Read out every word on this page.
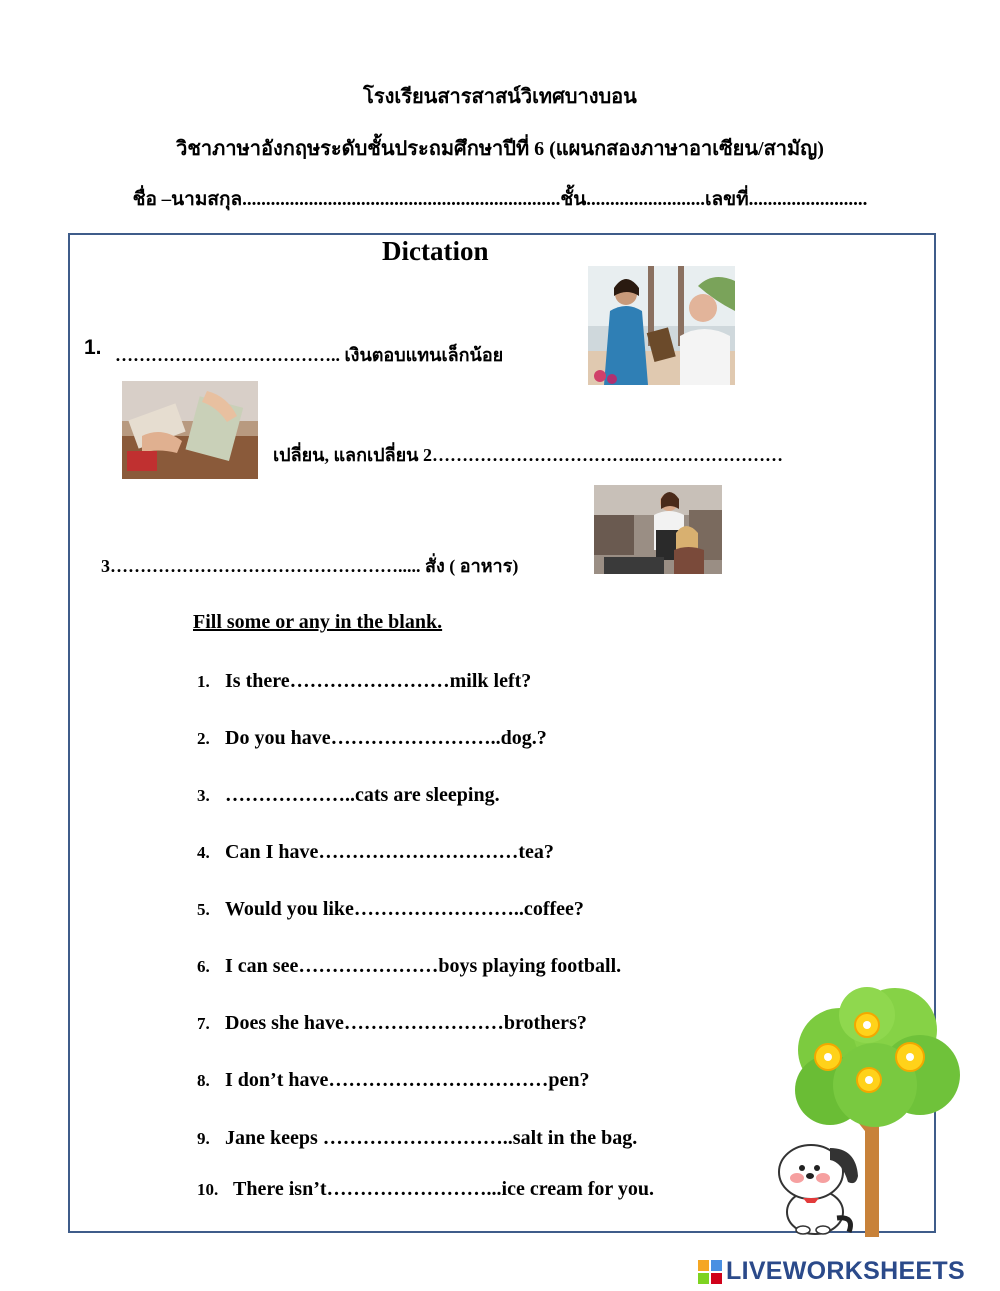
โรงเรียนสารสาสน์วิเทศบางบอน
วิชาภาษาอังกฤษระดับชั้นประถมศึกษาปีที่ 6 (แผนกสองภาษาอาเซียน/สามัญ)
ชื่อ –นามสกุล...................................................................ชั้น.........................เลขที่.........................
Dictation
1. ……………………………….. เงินตอบแทนเล็กน้อย
เปลี่ยน, แลกเปลี่ยน 2……………………………..……………………
3…………………………………………..... สั่ง ( อาหาร)
Fill some or any in the blank.
1. Is there……………………milk left?
2. Do you have……………………..dog.?
3. ………………..cats are sleeping.
4. Can I have…………………………tea?
5. Would you like……………………..coffee?
6. I can see…………………boys playing football.
7. Does she have……………………brothers?
8. I don’t have……………………………pen?
9. Jane keeps ………………………..salt in the bag.
10. There isn’t……………………...ice cream for you.
LIVEWORKSHEETS
